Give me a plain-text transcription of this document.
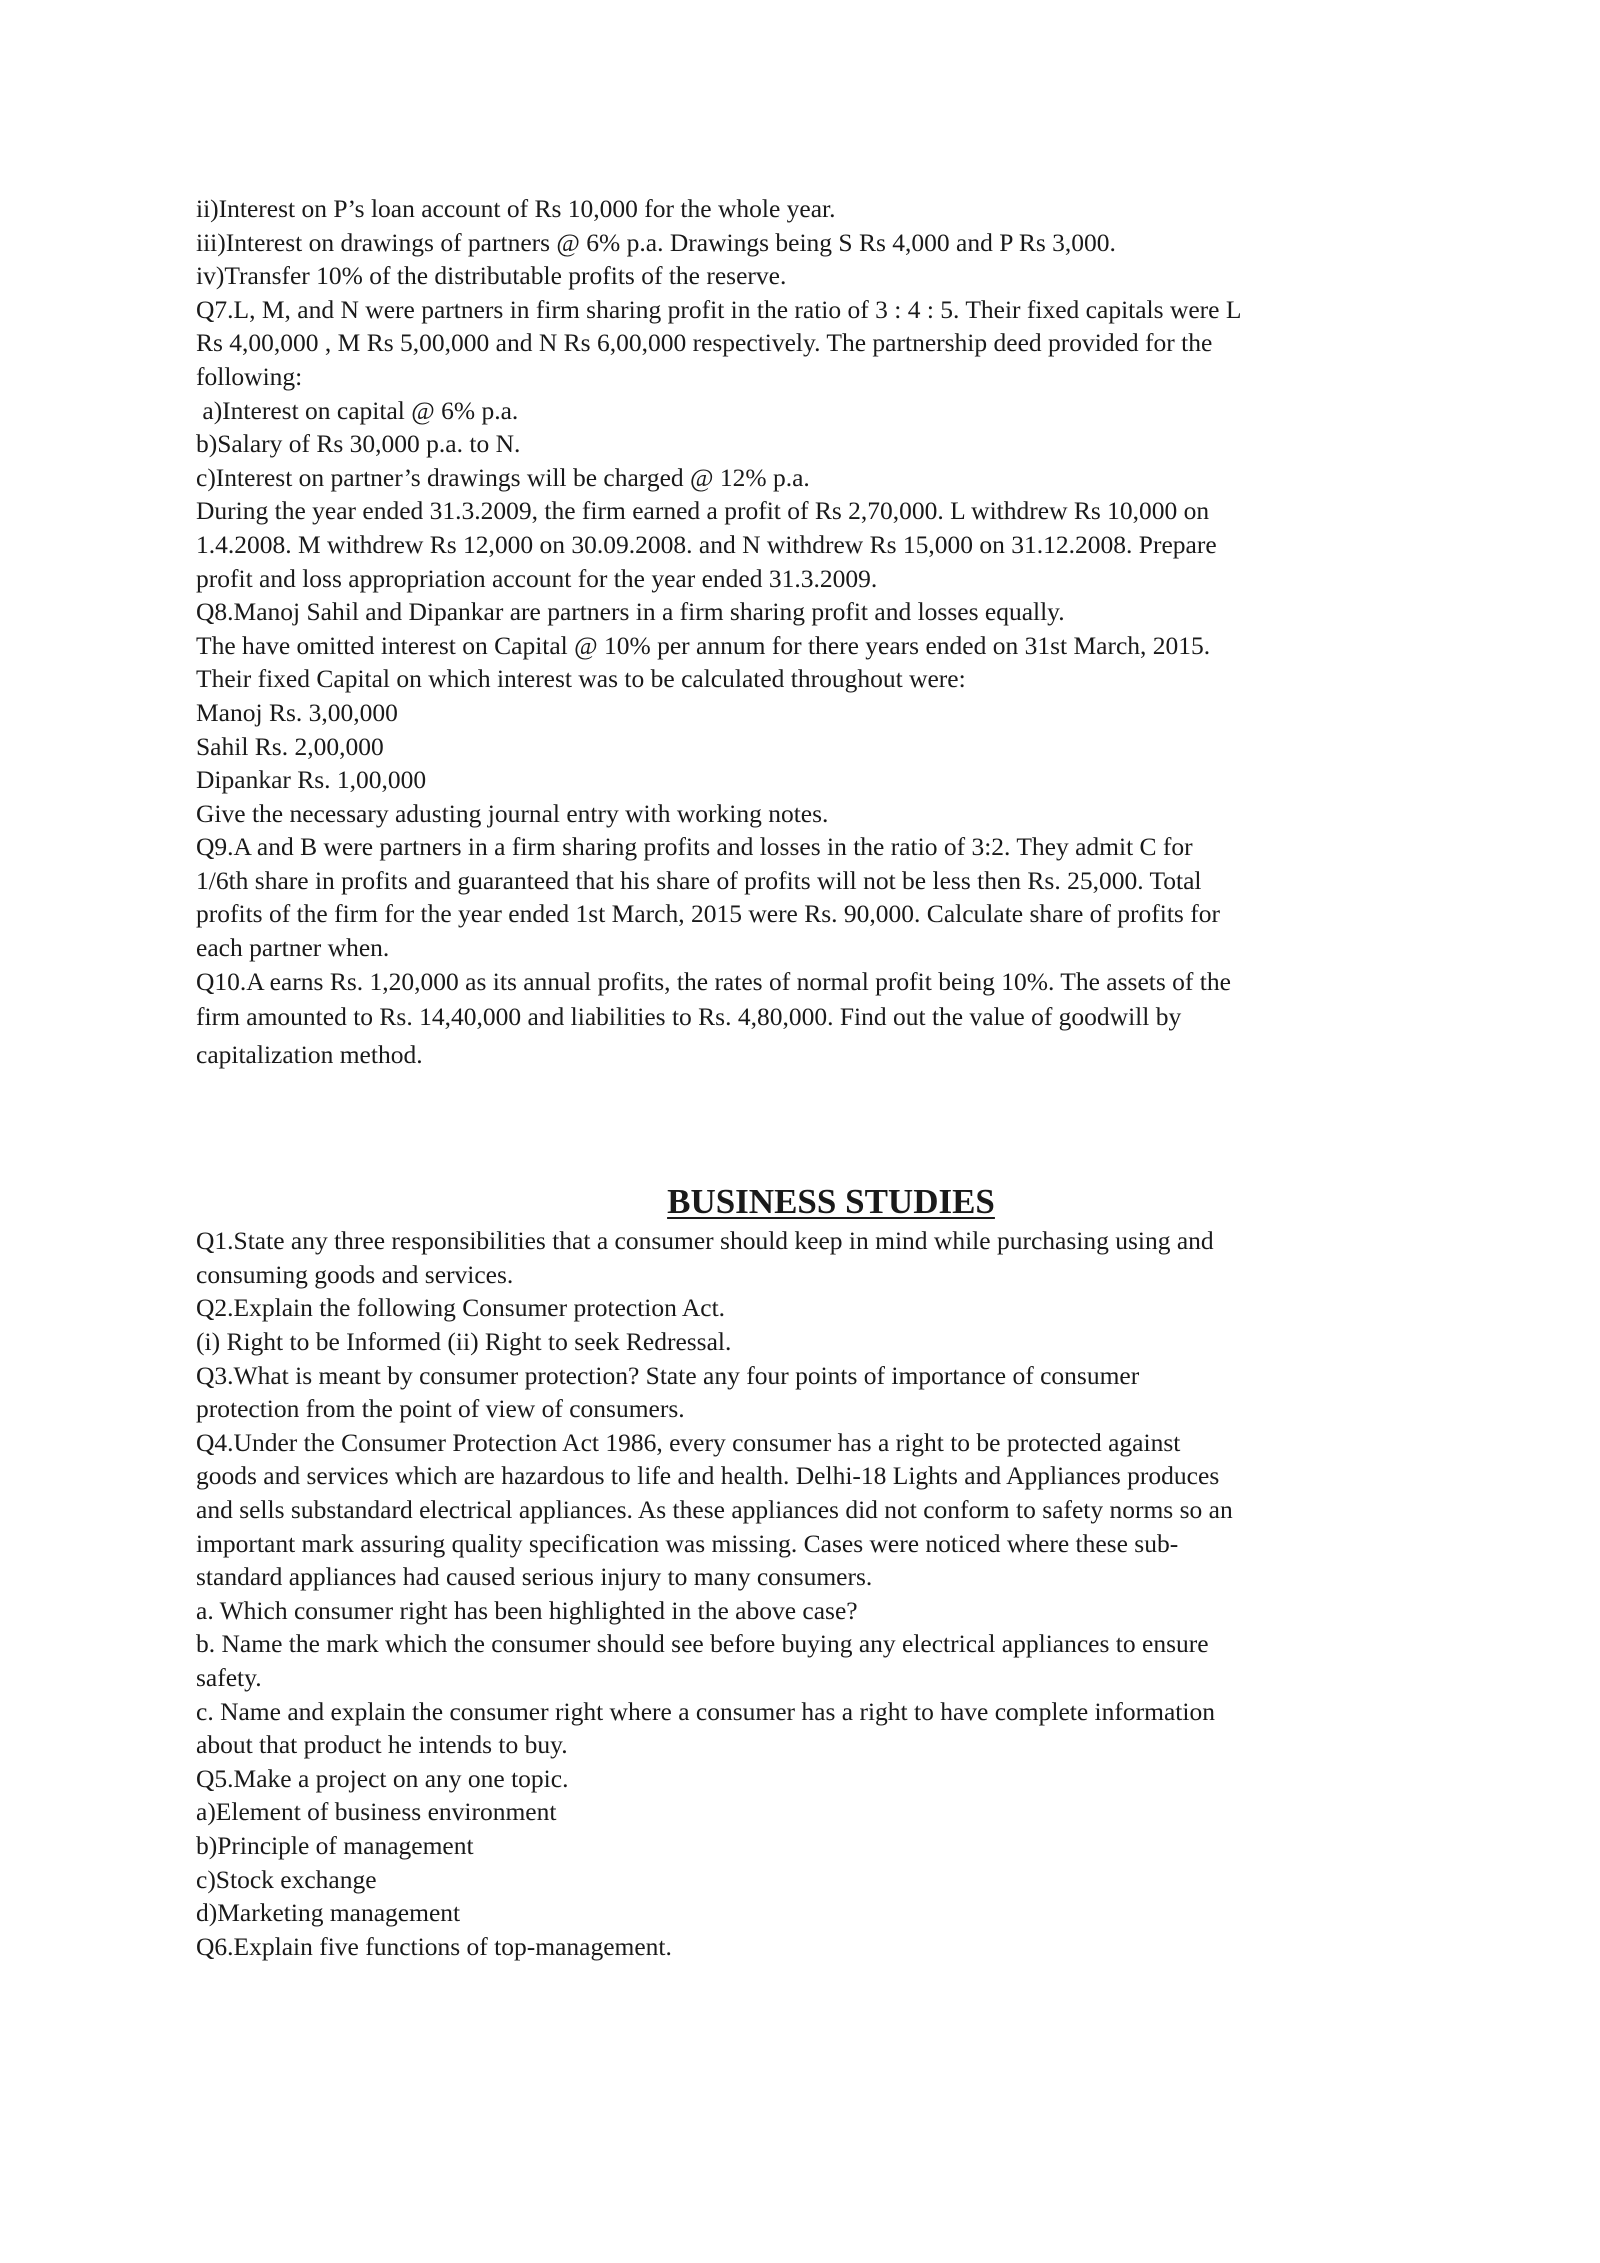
ii)Interest on P’s loan account of Rs 10,000 for the whole year.
iii)Interest on drawings of partners @ 6% p.a. Drawings being S Rs 4,000 and P Rs 3,000.
iv)Transfer 10% of the distributable profits of the reserve.
Q7.L, M, and N were partners in firm sharing profit in the ratio of 3 : 4 : 5. Their fixed capitals were L
Rs 4,00,000 , M Rs 5,00,000 and N Rs 6,00,000 respectively. The partnership deed provided for the
following:
a)Interest on capital @ 6% p.a.
b)Salary of Rs 30,000 p.a. to N.
c)Interest on partner’s drawings will be charged @ 12% p.a.
During the year ended 31.3.2009, the firm earned a profit of Rs 2,70,000. L withdrew Rs 10,000 on
1.4.2008. M withdrew Rs 12,000 on 30.09.2008. and N withdrew Rs 15,000 on 31.12.2008. Prepare
profit and loss appropriation account for the year ended 31.3.2009.
Q8.Manoj Sahil and Dipankar are partners in a firm sharing profit and losses equally.
The have omitted interest on Capital @ 10% per annum for there years ended on 31st March, 2015.
Their fixed Capital on which interest was to be calculated throughout were:
Manoj Rs. 3,00,000
Sahil Rs. 2,00,000
Dipankar Rs. 1,00,000
Give the necessary adusting journal entry with working notes.
Q9.A and B were partners in a firm sharing profits and losses in the ratio of 3:2. They admit C for
1/6th share in profits and guaranteed that his share of profits will not be less then Rs. 25,000. Total
profits of the firm for the year ended 1st March, 2015 were Rs. 90,000. Calculate share of profits for
each partner when.
Q10.A earns Rs. 1,20,000 as its annual profits, the rates of normal profit being 10%. The assets of the
firm amounted to Rs. 14,40,000 and liabilities to Rs. 4,80,000. Find out the value of goodwill by
capitalization method.
BUSINESS STUDIES
Q1.State any three responsibilities that a consumer should keep in mind while purchasing using and
consuming goods and services.
Q2.Explain the following Consumer protection Act.
(i) Right to be Informed (ii) Right to seek Redressal.
Q3.What is meant by consumer protection? State any four points of importance of consumer
protection from the point of view of consumers.
Q4.Under the Consumer Protection Act 1986, every consumer has a right to be protected against
goods and services which are hazardous to life and health. Delhi-18 Lights and Appliances produces
and sells substandard electrical appliances. As these appliances did not conform to safety norms so an
important mark assuring quality specification was missing. Cases were noticed where these sub-
standard appliances had caused serious injury to many consumers.
a. Which consumer right has been highlighted in the above case?
b. Name the mark which the consumer should see before buying any electrical appliances to ensure
safety.
c. Name and explain the consumer right where a consumer has a right to have complete information
about that product he intends to buy.
Q5.Make a project on any one topic.
a)Element of business environment
b)Principle of management
c)Stock exchange
d)Marketing management
Q6.Explain five functions of top-management.
